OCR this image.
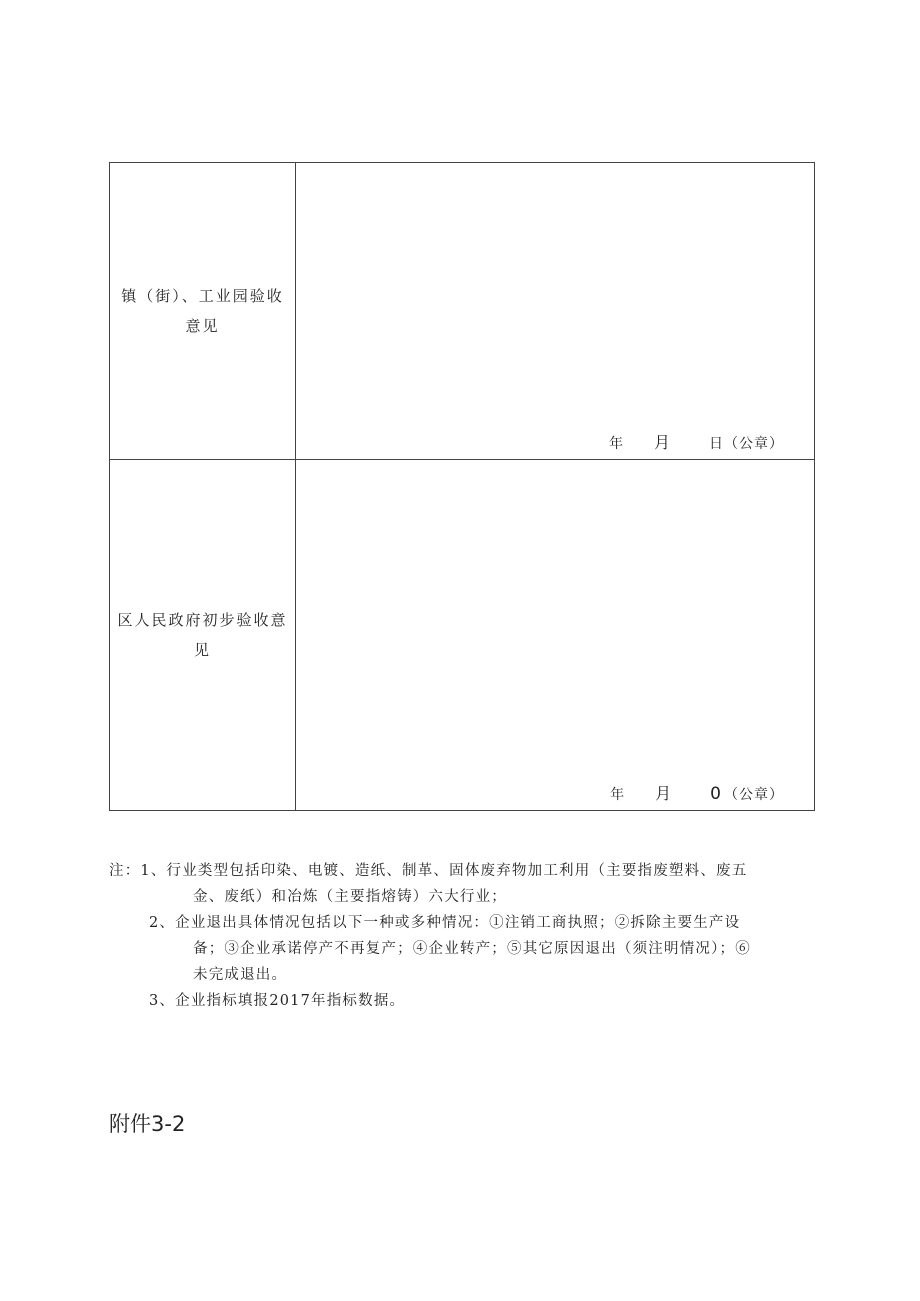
镇（街）、工业园验收意见
年	月	日 （公章）
区人民政府初步验收意见
年	月	0 （公章）
注：1、行业类型包括印染、电镀、造纸、制革、固体废弃物加工利用（主要指废塑料、废五
金、废纸）和冶炼（主要指熔铸）六大行业；
2、企业退出具体情况包括以下一种或多种情况：①注销工商执照；②拆除主要生产设
备；③企业承诺停产不再复产；④企业转产；⑤其它原因退出（须注明情况）；⑥
未完成退出。
3、企业指标填报2017年指标数据。
附件3-2
